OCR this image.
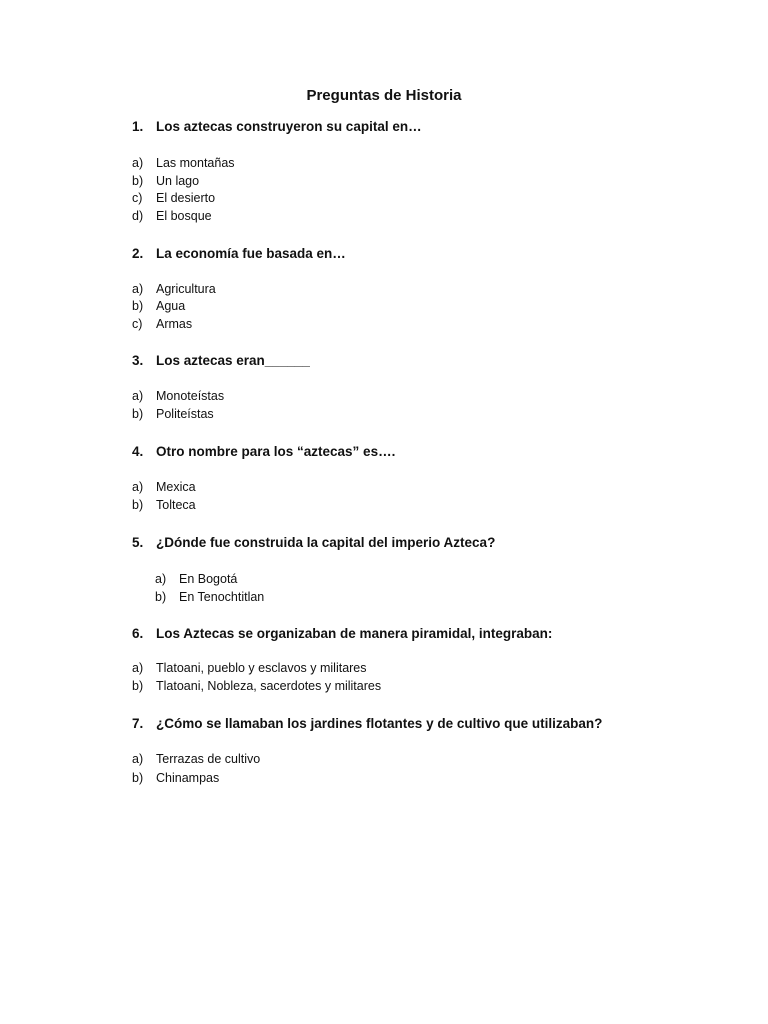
Preguntas de Historia
1. Los aztecas construyeron su capital en…
a) Las montañas
b) Un lago
c) El desierto
d) El bosque
2. La economía fue basada en…
a) Agricultura
b) Agua
c) Armas
3. Los aztecas eran______
a) Monoteístas
b) Politeístas
4. Otro nombre para los “aztecas” es….
a) Mexica
b) Tolteca
5. ¿Dónde fue construida la capital del imperio Azteca?
a) En Bogotá
b) En Tenochtitlan
6. Los Aztecas se organizaban de manera piramidal, integraban:
a) Tlatoani, pueblo y esclavos y militares
b) Tlatoani, Nobleza, sacerdotes y militares
7. ¿Cómo se llamaban los jardines flotantes y de cultivo que utilizaban?
a) Terrazas de cultivo
b) Chinampas
